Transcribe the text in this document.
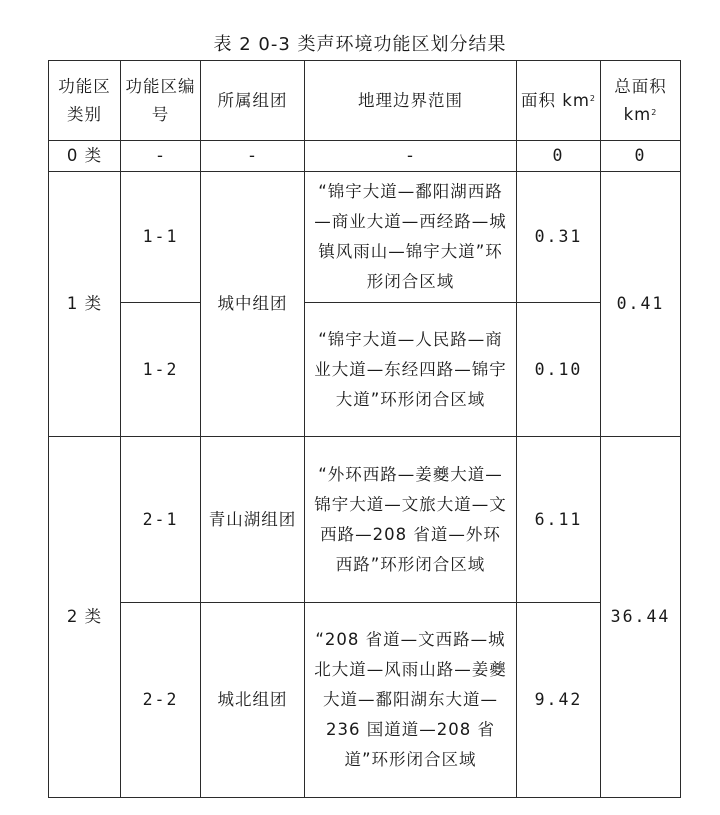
表 2 0-3 类声环境功能区划分结果
功能区类别	功能区编号	所属组团	地理边界范围	面积 $km^2$	总面积 $km^2$
0 类	-	-	-	0	0
1 类	1-1	城中组团	“锦宇大道—鄱阳湖西路—商业大道—西经路—城镇风雨山—锦宇大道”环形闭合区域	0.31	0.41
	1-2		“锦宇大道—人民路—商业大道—东经四路—锦宇大道”环形闭合区域	0.10	
2 类	2-1	青山湖组团	“外环西路—姜夔大道—锦宇大道—文旅大道—文西路—208 省道—外环西路”环形闭合区域	6.11	36.44
	2-2	城北组团	“208 省道—文西路—城北大道—风雨山路—姜夔大道—鄱阳湖东大道—236 国道道—208 省道”环形闭合区域	9.42	
